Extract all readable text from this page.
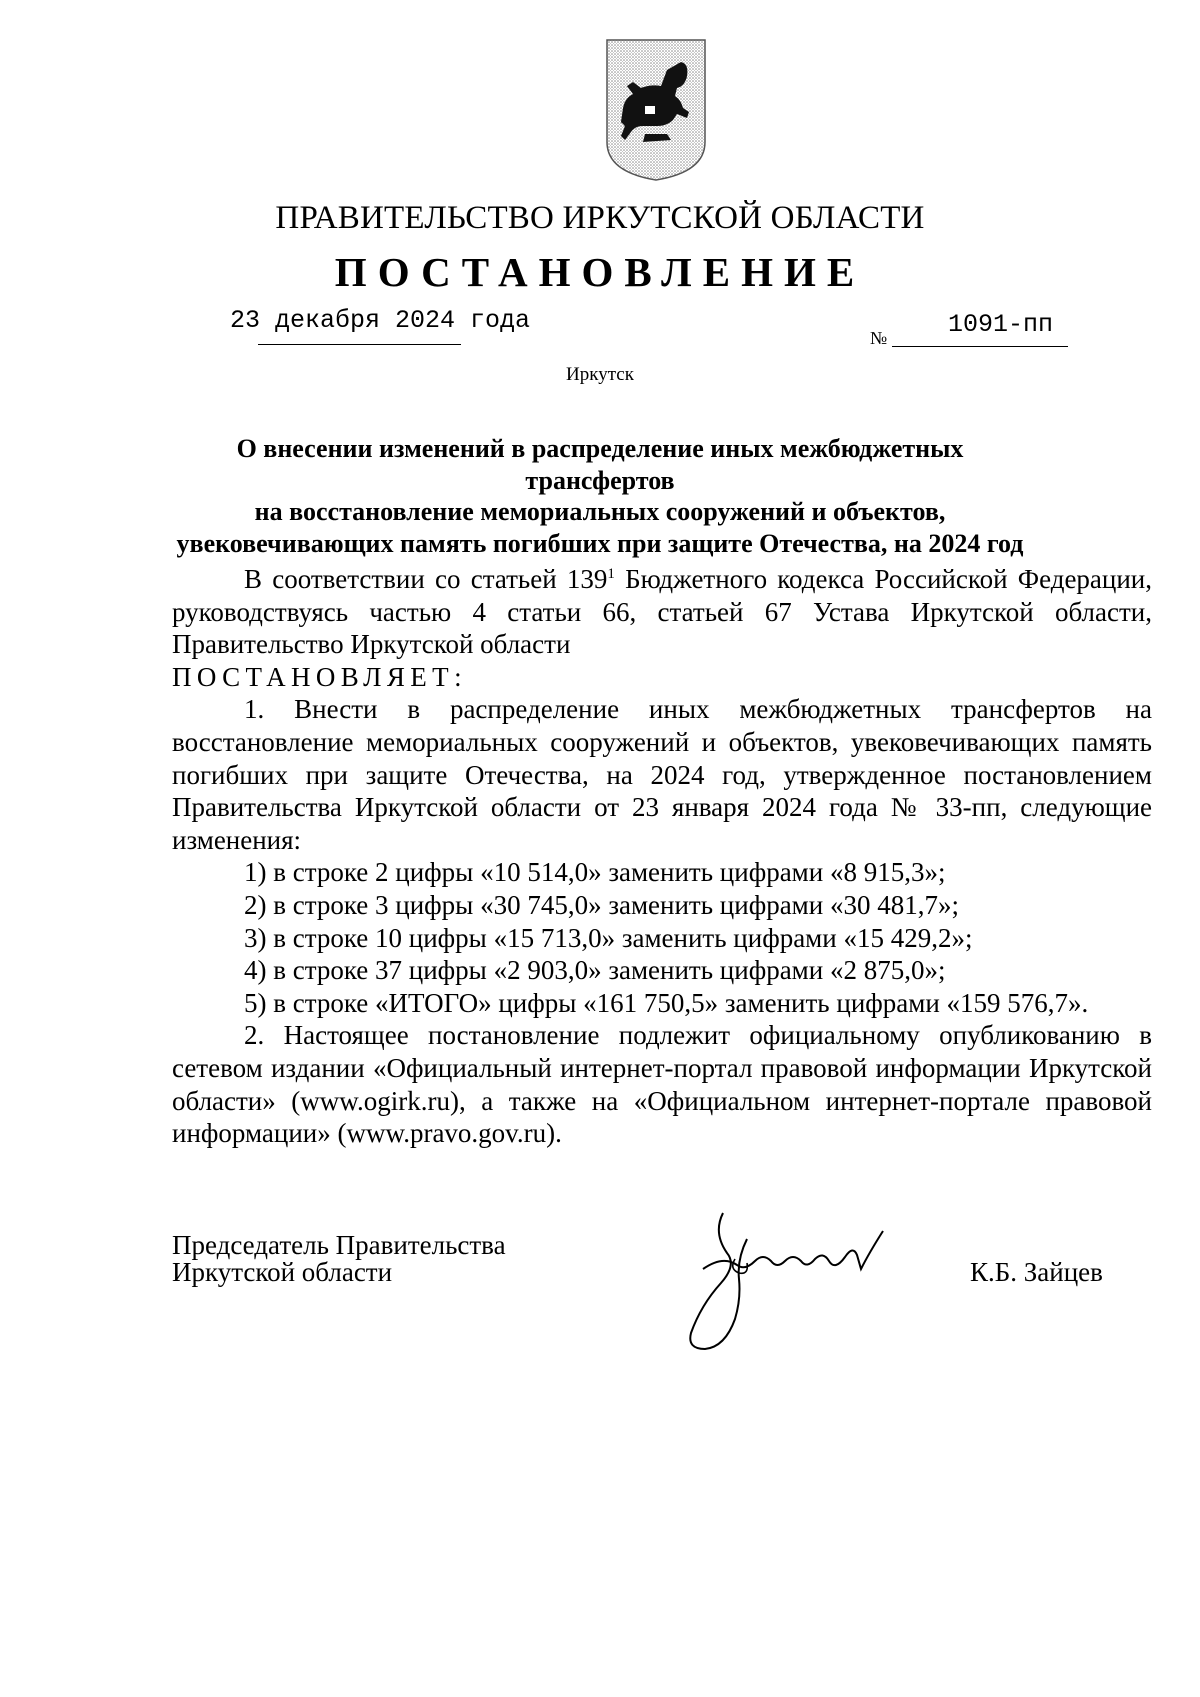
ПРАВИТЕЛЬСТВО ИРКУТСКОЙ ОБЛАСТИ
ПОСТАНОВЛЕНИЕ
23 декабря 2024 года
№ 1091-пп
Иркутск
О внесении изменений в распределение иных межбюджетных трансфертов
на восстановление мемориальных сооружений и объектов,
увековечивающих память погибших при защите Отечества, на 2024 год

В соответствии со статьей $139^1$ Бюджетного кодекса Российской Федерации, руководствуясь частью 4 статьи 66, статьей 67 Устава Иркутской области, Правительство Иркутской области

ПОСТАНОВЛЯЕТ:

1. Внести в распределение иных межбюджетных трансфертов на восстановление мемориальных сооружений и объектов, увековечивающих память погибших при защите Отечества, на 2024 год, утвержденное постановлением Правительства Иркутской области от 23 января 2024 года № 33-пп, следующие изменения:

1) в строке 2 цифры «10 514,0» заменить цифрами «8 915,3»;

2) в строке 3 цифры «30 745,0» заменить цифрами «30 481,7»;

3) в строке 10 цифры «15 713,0» заменить цифрами «15 429,2»;

4) в строке 37 цифры «2 903,0» заменить цифрами «2 875,0»;

5) в строке «ИТОГО» цифры «161 750,5» заменить цифрами «159 576,7».

2. Настоящее постановление подлежит официальному опубликованию в сетевом издании «Официальный интернет-портал правовой информации Иркутской области» (www.ogirk.ru), а также на «Официальном интернет-портале правовой информации» (www.pravo.gov.ru).

Председатель Правительства
Иркутской области	К.Б. Зайцев
